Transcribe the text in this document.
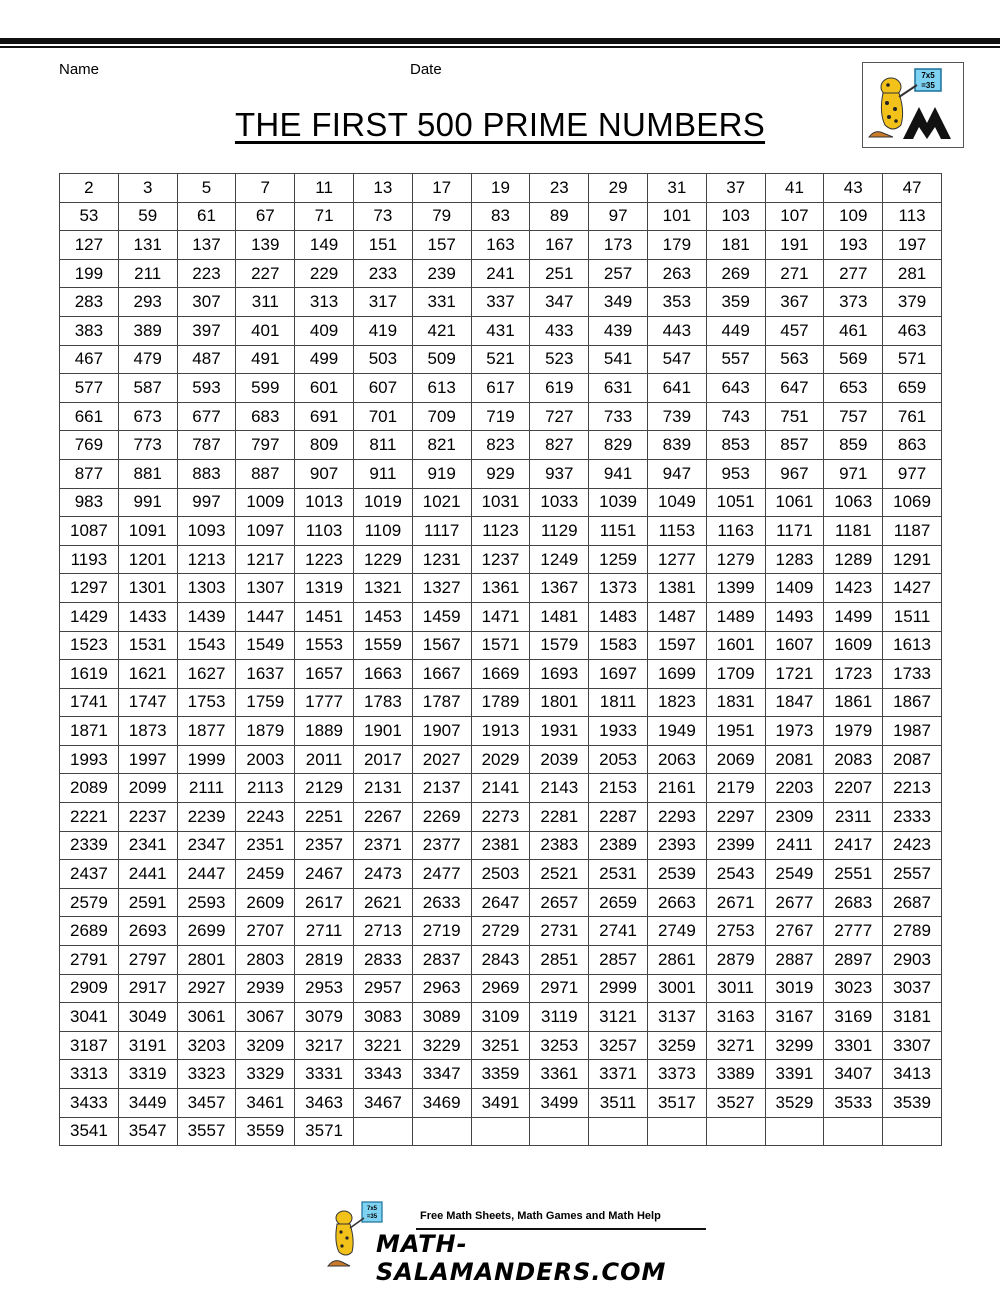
Name	Date
THE FIRST 500 PRIME NUMBERS
7x5
=35
2	3	5	7	11	13	17	19	23	29	31	37	41	43	47
53	59	61	67	71	73	79	83	89	97	101	103	107	109	113
127	131	137	139	149	151	157	163	167	173	179	181	191	193	197
199	211	223	227	229	233	239	241	251	257	263	269	271	277	281
283	293	307	311	313	317	331	337	347	349	353	359	367	373	379
383	389	397	401	409	419	421	431	433	439	443	449	457	461	463
467	479	487	491	499	503	509	521	523	541	547	557	563	569	571
577	587	593	599	601	607	613	617	619	631	641	643	647	653	659
661	673	677	683	691	701	709	719	727	733	739	743	751	757	761
769	773	787	797	809	811	821	823	827	829	839	853	857	859	863
877	881	883	887	907	911	919	929	937	941	947	953	967	971	977
983	991	997	1009	1013	1019	1021	1031	1033	1039	1049	1051	1061	1063	1069
1087	1091	1093	1097	1103	1109	1117	1123	1129	1151	1153	1163	1171	1181	1187
1193	1201	1213	1217	1223	1229	1231	1237	1249	1259	1277	1279	1283	1289	1291
1297	1301	1303	1307	1319	1321	1327	1361	1367	1373	1381	1399	1409	1423	1427
1429	1433	1439	1447	1451	1453	1459	1471	1481	1483	1487	1489	1493	1499	1511
1523	1531	1543	1549	1553	1559	1567	1571	1579	1583	1597	1601	1607	1609	1613
1619	1621	1627	1637	1657	1663	1667	1669	1693	1697	1699	1709	1721	1723	1733
1741	1747	1753	1759	1777	1783	1787	1789	1801	1811	1823	1831	1847	1861	1867
1871	1873	1877	1879	1889	1901	1907	1913	1931	1933	1949	1951	1973	1979	1987
1993	1997	1999	2003	2011	2017	2027	2029	2039	2053	2063	2069	2081	2083	2087
2089	2099	2111	2113	2129	2131	2137	2141	2143	2153	2161	2179	2203	2207	2213
2221	2237	2239	2243	2251	2267	2269	2273	2281	2287	2293	2297	2309	2311	2333
2339	2341	2347	2351	2357	2371	2377	2381	2383	2389	2393	2399	2411	2417	2423
2437	2441	2447	2459	2467	2473	2477	2503	2521	2531	2539	2543	2549	2551	2557
2579	2591	2593	2609	2617	2621	2633	2647	2657	2659	2663	2671	2677	2683	2687
2689	2693	2699	2707	2711	2713	2719	2729	2731	2741	2749	2753	2767	2777	2789
2791	2797	2801	2803	2819	2833	2837	2843	2851	2857	2861	2879	2887	2897	2903
2909	2917	2927	2939	2953	2957	2963	2969	2971	2999	3001	3011	3019	3023	3037
3041	3049	3061	3067	3079	3083	3089	3109	3119	3121	3137	3163	3167	3169	3181
3187	3191	3203	3209	3217	3221	3229	3251	3253	3257	3259	3271	3299	3301	3307
3313	3319	3323	3329	3331	3343	3347	3359	3361	3371	3373	3389	3391	3407	3413
3433	3449	3457	3461	3463	3467	3469	3491	3499	3511	3517	3527	3529	3533	3539
3541	3547	3557	3559	3571										
7x5
=35	Free Math Sheets, Math Games and Math Help
MATH-SALAMANDERS.COM
